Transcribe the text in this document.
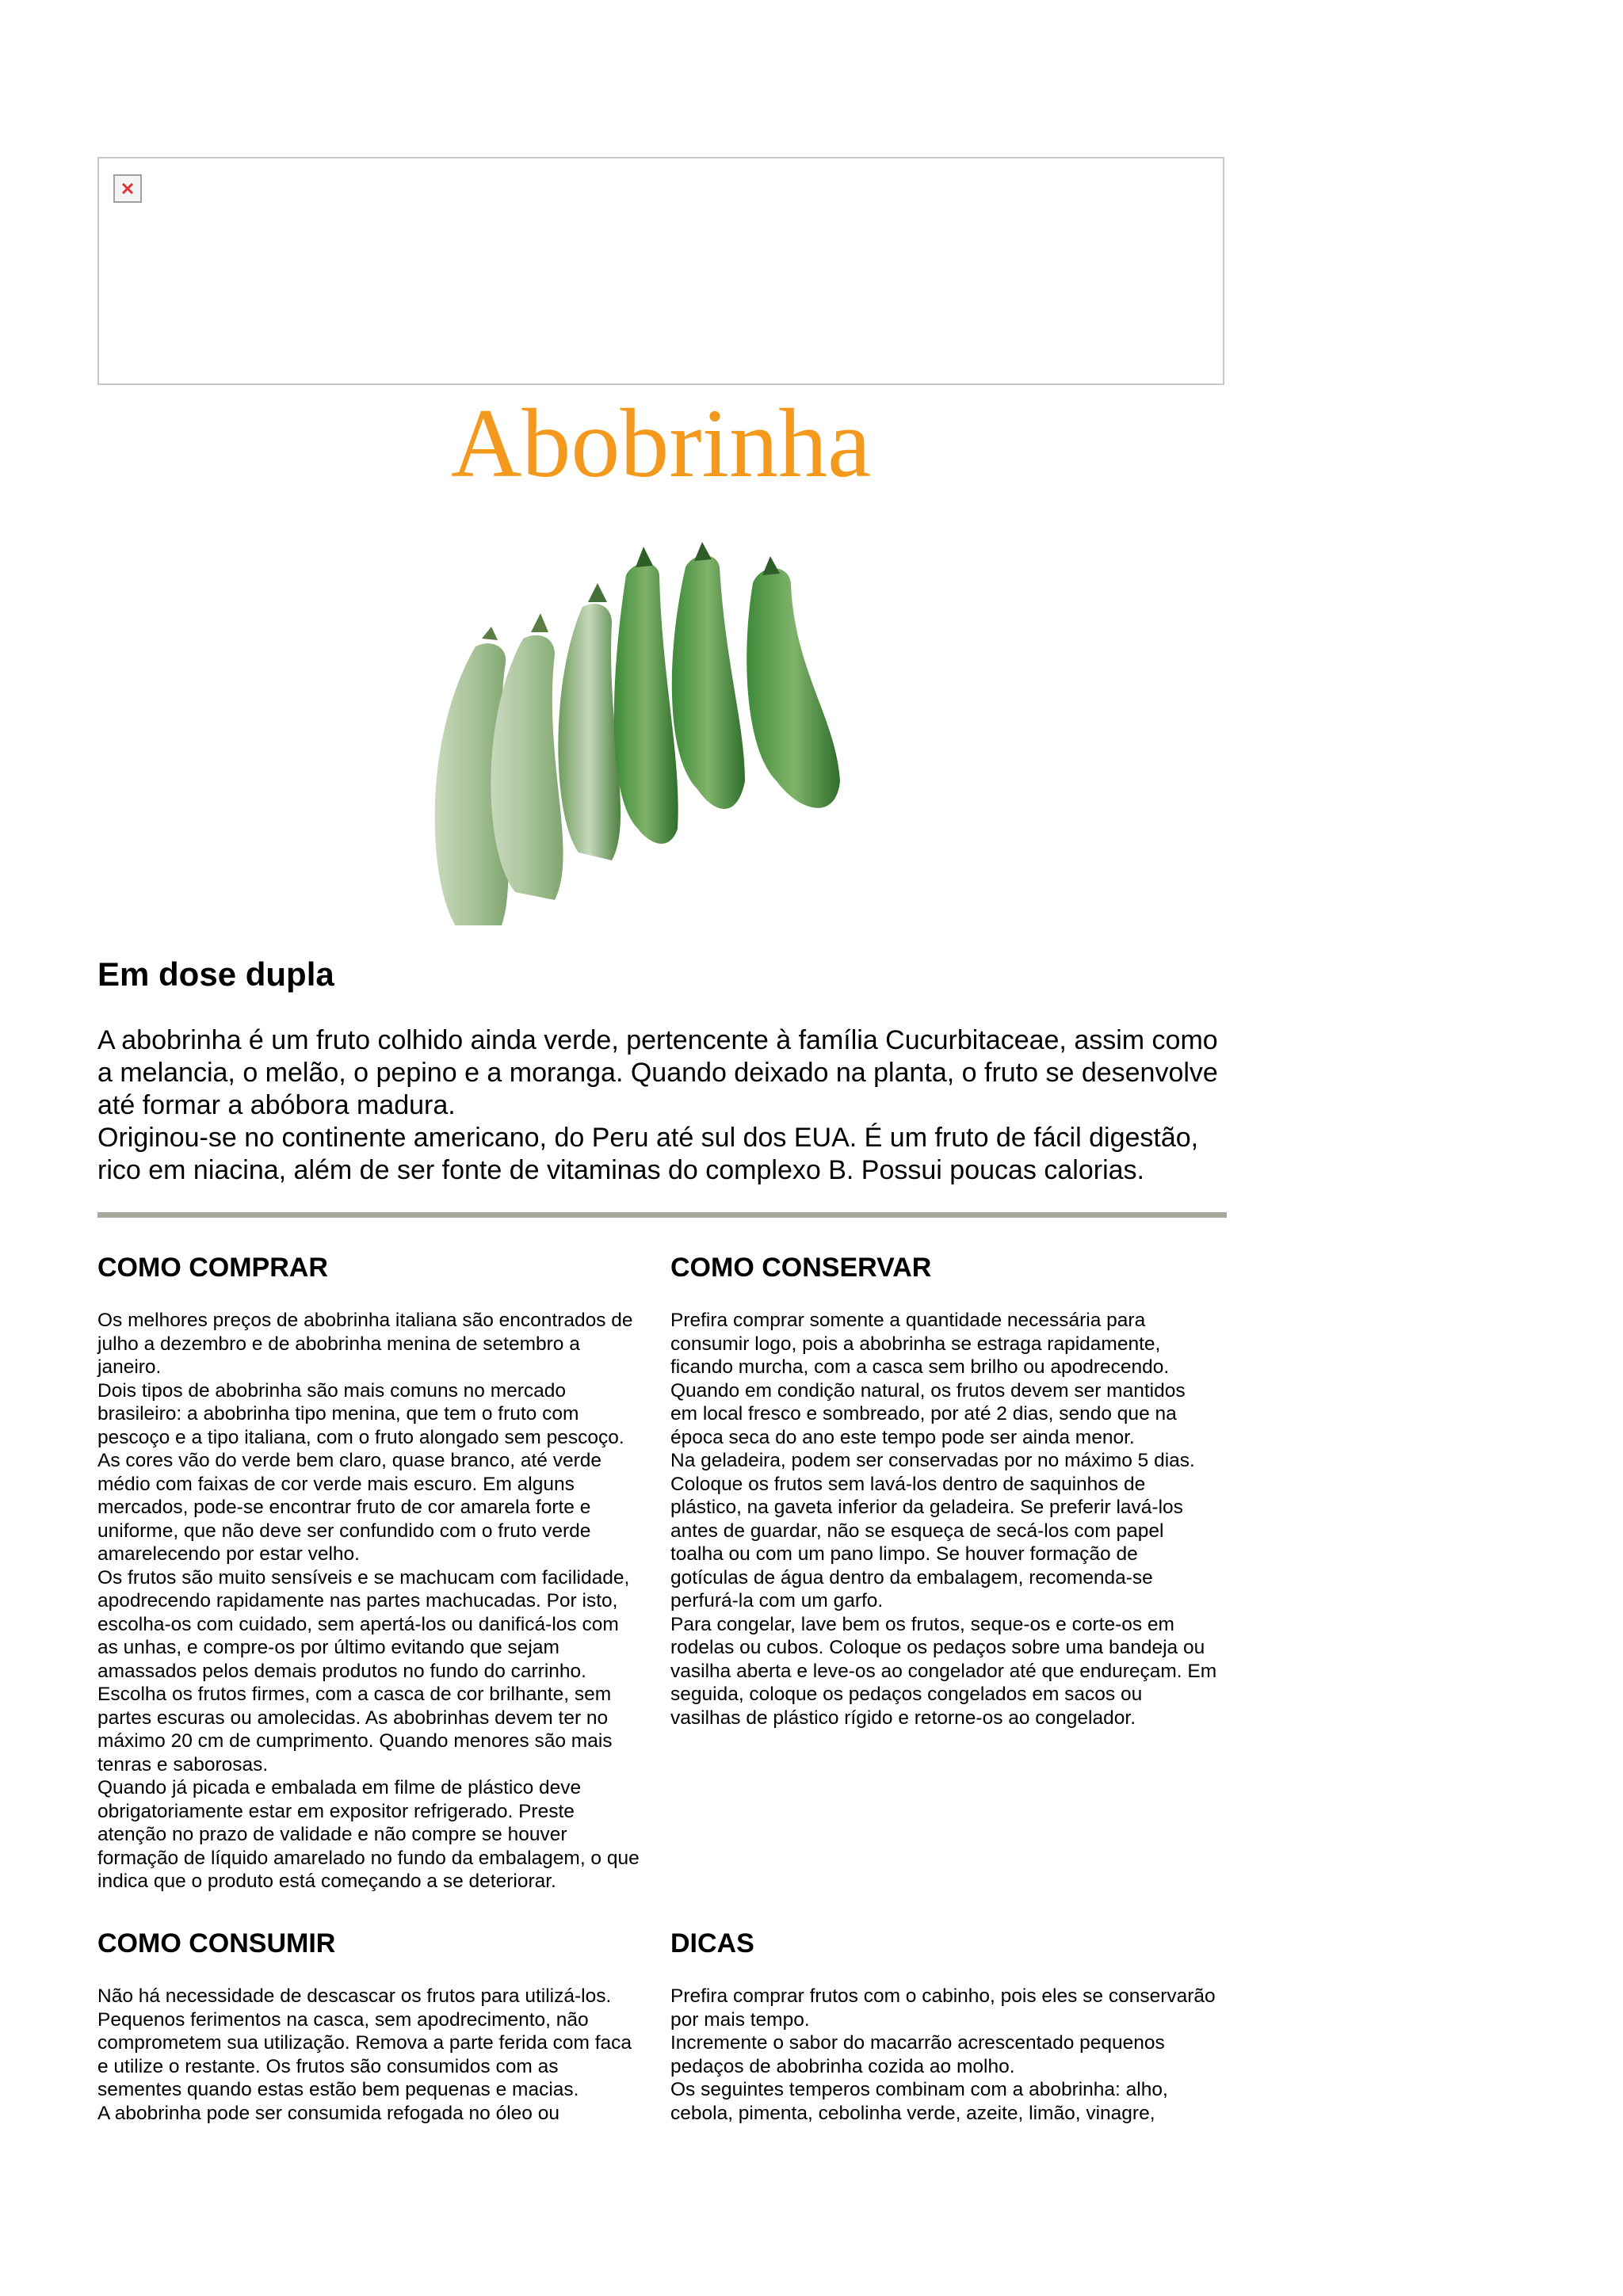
Abobrinha
Em dose dupla

A abobrinha é um fruto colhido ainda verde, pertencente à família Cucurbitaceae, assim como a melancia, o melão, o pepino e a moranga. Quando deixado na planta, o fruto se desenvolve até formar a abóbora madura.

Originou-se no continente americano, do Peru até sul dos EUA. É um fruto de fácil digestão, rico em niacina, além de ser fonte de vitaminas do complexo B. Possui poucas calorias.

COMO COMPRAR

Os melhores preços de abobrinha italiana são encontrados de julho a dezembro e de abobrinha menina de setembro a janeiro.

Dois tipos de abobrinha são mais comuns no mercado brasileiro: a abobrinha tipo menina, que tem o fruto com pescoço e a tipo italiana, com o fruto alongado sem pescoço. As cores vão do verde bem claro, quase branco, até verde médio com faixas de cor verde mais escuro. Em alguns mercados, pode-se encontrar fruto de cor amarela forte e uniforme, que não deve ser confundido com o fruto verde amarelecendo por estar velho.

Os frutos são muito sensíveis e se machucam com facilidade, apodrecendo rapidamente nas partes machucadas. Por isto, escolha-os com cuidado, sem apertá-los ou danificá-los com as unhas, e compre-os por último evitando que sejam amassados pelos demais produtos no fundo do carrinho.

Escolha os frutos firmes, com a casca de cor brilhante, sem partes escuras ou amolecidas. As abobrinhas devem ter no máximo 20 cm de cumprimento. Quando menores são mais tenras e saborosas.

Quando já picada e embalada em filme de plástico deve obrigatoriamente estar em expositor refrigerado. Preste atenção no prazo de validade e não compre se houver formação de líquido amarelado no fundo da embalagem, o que indica que o produto está começando a se deteriorar.

COMO CONSERVAR

Prefira comprar somente a quantidade necessária para consumir logo, pois a abobrinha se estraga rapidamente, ficando murcha, com a casca sem brilho ou apodrecendo.

Quando em condição natural, os frutos devem ser mantidos em local fresco e sombreado, por até 2 dias, sendo que na época seca do ano este tempo pode ser ainda menor.

Na geladeira, podem ser conservadas por no máximo 5 dias. Coloque os frutos sem lavá-los dentro de saquinhos de plástico, na gaveta inferior da geladeira. Se preferir lavá-los antes de guardar, não se esqueça de secá-los com papel toalha ou com um pano limpo. Se houver formação de gotículas de água dentro da embalagem, recomenda-se perfurá-la com um garfo.

Para congelar, lave bem os frutos, seque-os e corte-os em rodelas ou cubos. Coloque os pedaços sobre uma bandeja ou vasilha aberta e leve-os ao congelador até que endureçam. Em seguida, coloque os pedaços congelados em sacos ou vasilhas de plástico rígido e retorne-os ao congelador.

COMO CONSUMIR

Não há necessidade de descascar os frutos para utilizá-los. Pequenos ferimentos na casca, sem apodrecimento, não comprometem sua utilização. Remova a parte ferida com faca e utilize o restante. Os frutos são consumidos com as sementes quando estas estão bem pequenas e macias.

A abobrinha pode ser consumida refogada no óleo ou

DICAS

Prefira comprar frutos com o cabinho, pois eles se conservarão por mais tempo.

Incremente o sabor do macarrão acrescentado pequenos pedaços de abobrinha cozida ao molho.

Os seguintes temperos combinam com a abobrinha: alho, cebola, pimenta, cebolinha verde, azeite, limão, vinagre,
